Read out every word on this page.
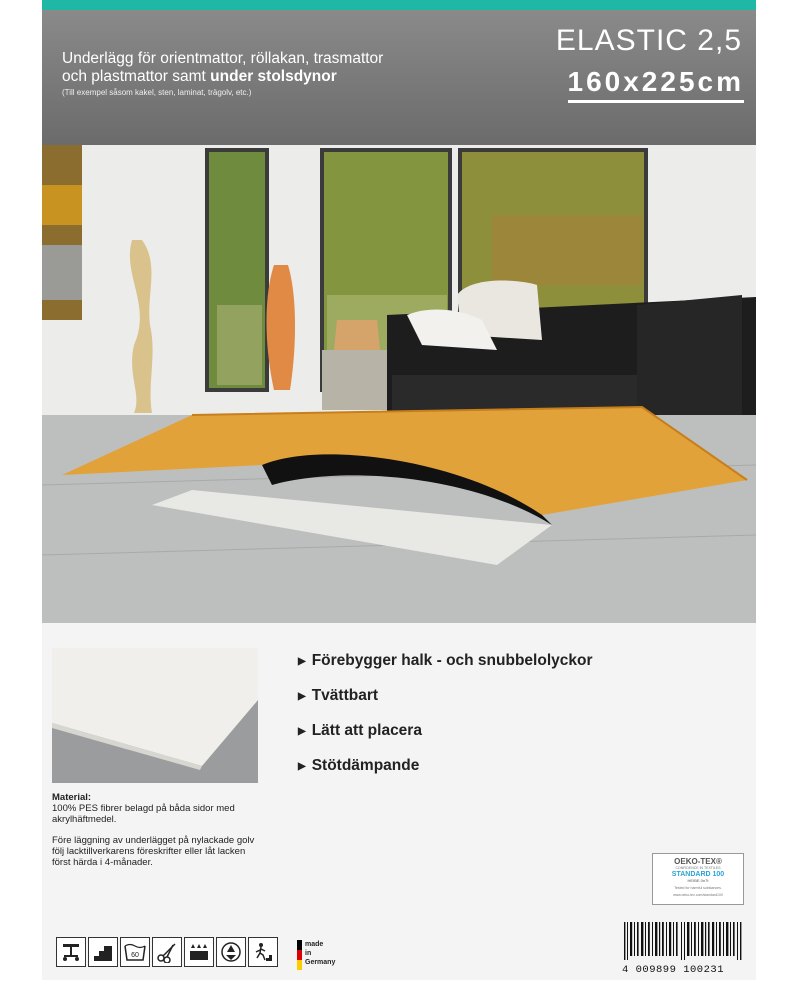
Underlägg för orientmattor, röllakan, trasmattor
och plastmattor samt under stolsdynor
(Till exempel såsom kakel, sten, laminat, trägolv, etc.)
ELASTIC 2,5
160x225cm
▶ Förebygger halk - och snubbelolyckor
▶ Tvättbart
▶ Lätt att placera
▶ Stötdämpande
Material:
100% PES fibrer belagd på båda sidor med akrylhäftmedel.
Före läggning av underlägget på nylackade golv följ lacktillverkarens föreskrifter eller låt lacken först härda i 4-månader.	OEKO-TEX®
CONFIDENCE IN TEXTILES
STANDARD 100
HEIBE 0n7t
Tested for harmful substances.
www.oeko-tex.com/standard100
60
made
in
Germany
4 009899 100231
